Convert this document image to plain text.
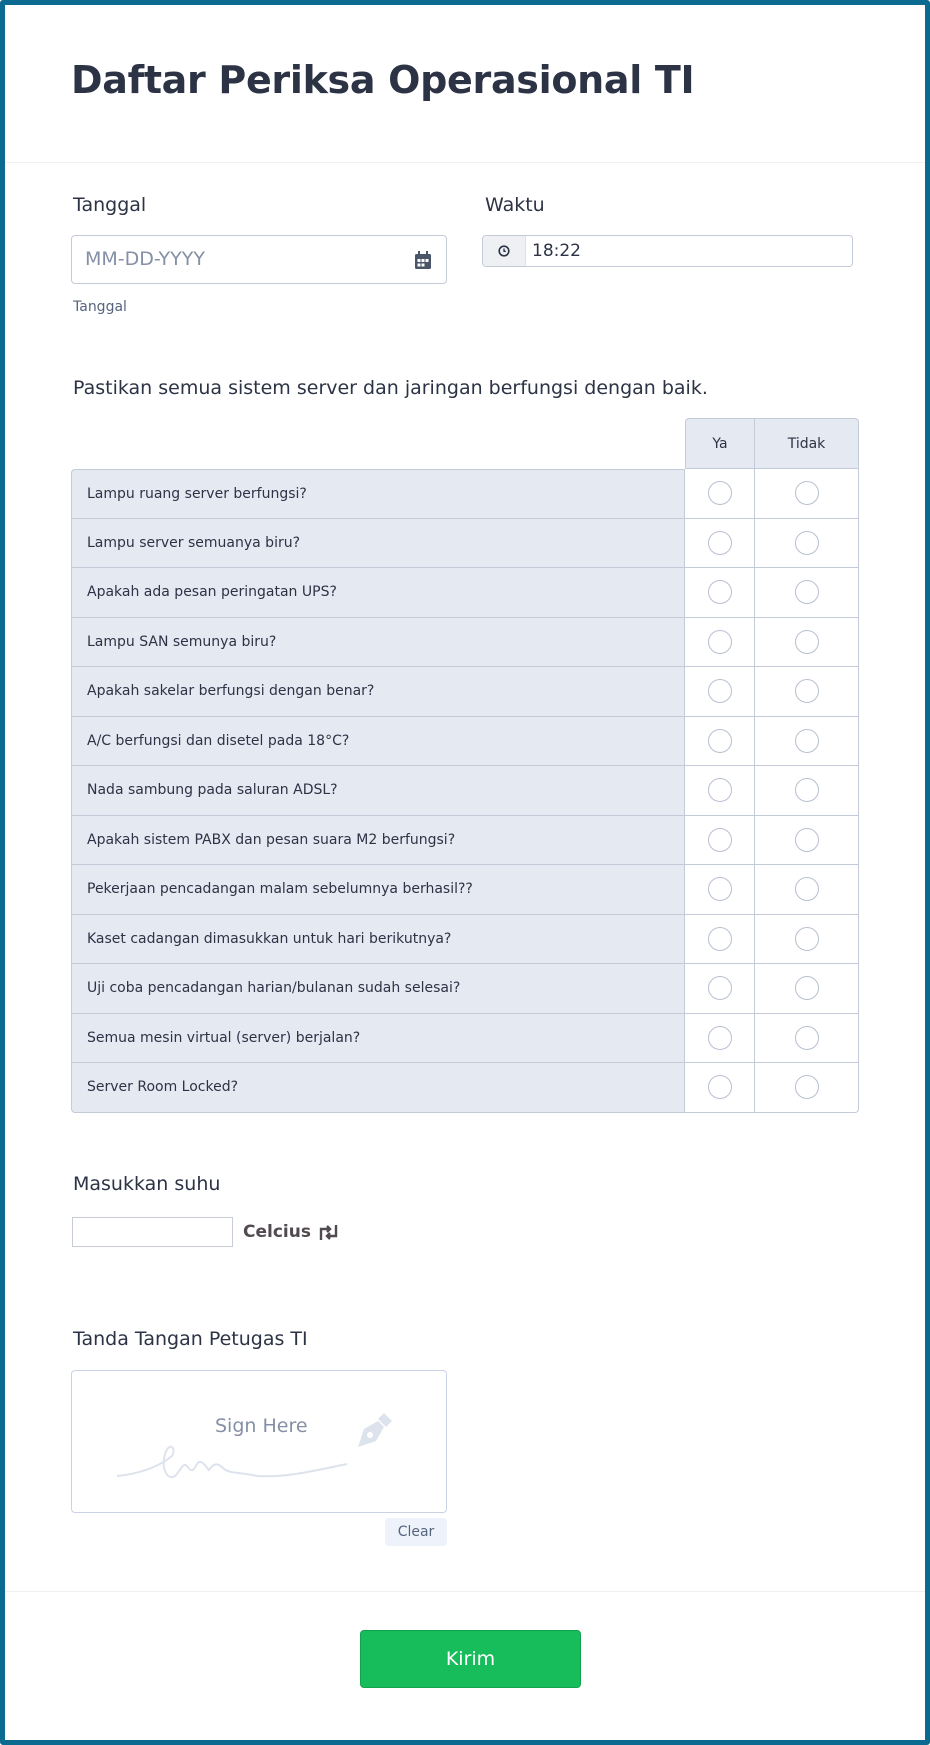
Daftar Periksa Operasional TI
Tanggal
MM-DD-YYYY
Tanggal
Waktu
18:22
Pastikan semua sistem server dan jaringan berfungsi dengan baik.
	Ya	Tidak
Lampu ruang server berfungsi?		
Lampu server semuanya biru?		
Apakah ada pesan peringatan UPS?		
Lampu SAN semunya biru?		
Apakah sakelar berfungsi dengan benar?		
A/C berfungsi dan disetel pada 18°C?		
Nada sambung pada saluran ADSL?		
Apakah sistem PABX dan pesan suara M2 berfungsi?		
Pekerjaan pencadangan malam sebelumnya berhasil??		
Kaset cadangan dimasukkan untuk hari berikutnya?		
Uji coba pencadangan harian/bulanan sudah selesai?		
Semua mesin virtual (server) berjalan?		
Server Room Locked?		
Masukkan suhu
Celcius
Tanda Tangan Petugas TI
Sign Here
Clear
Kirim
